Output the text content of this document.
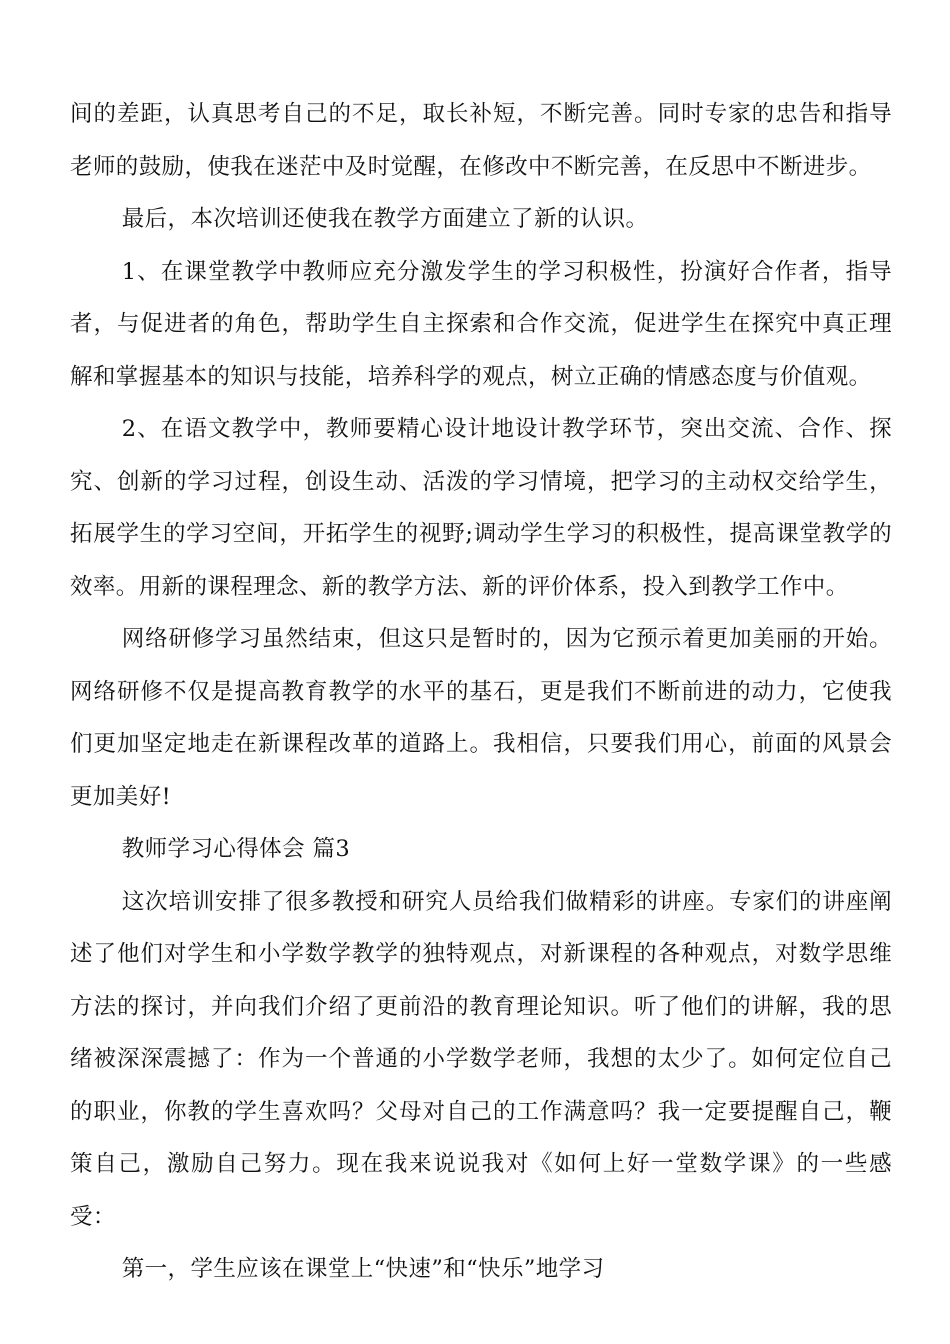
间的差距，认真思考自己的不足，取长补短，不断完善。同时专家的忠告和指导老师的鼓励，使我在迷茫中及时觉醒，在修改中不断完善，在反思中不断进步。

最后，本次培训还使我在教学方面建立了新的认识。

1、在课堂教学中教师应充分激发学生的学习积极性，扮演好合作者，指导者，与促进者的角色，帮助学生自主探索和合作交流，促进学生在探究中真正理解和掌握基本的知识与技能，培养科学的观点，树立正确的情感态度与价值观。

2、在语文教学中，教师要精心设计地设计教学环节，突出交流、合作、探究、创新的学习过程，创设生动、活泼的学习情境，把学习的主动权交给学生，拓展学生的学习空间，开拓学生的视野;调动学生学习的积极性，提高课堂教学的效率。用新的课程理念、新的教学方法、新的评价体系，投入到教学工作中。

网络研修学习虽然结束，但这只是暂时的，因为它预示着更加美丽的开始。网络研修不仅是提高教育教学的水平的基石，更是我们不断前进的动力，它使我们更加坚定地走在新课程改革的道路上。我相信，只要我们用心，前面的风景会更加美好!

教师学习心得体会 篇3

这次培训安排了很多教授和研究人员给我们做精彩的讲座。专家们的讲座阐述了他们对学生和小学数学教学的独特观点，对新课程的各种观点，对数学思维方法的探讨，并向我们介绍了更前沿的教育理论知识。听了他们的讲解，我的思绪被深深震撼了：作为一个普通的小学数学老师，我想的太少了。如何定位自己的职业，你教的学生喜欢吗？父母对自己的工作满意吗？我一定要提醒自己，鞭策自己，激励自己努力。现在我来说说我对《如何上好一堂数学课》的一些感受：

第一，学生应该在课堂上“快速”和“快乐”地学习
